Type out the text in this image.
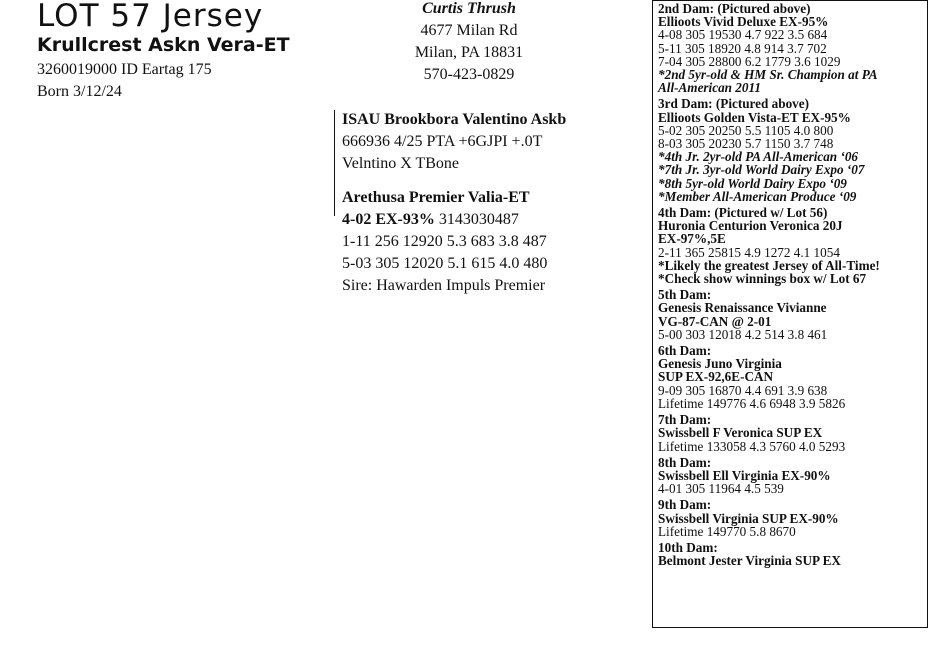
LOT 57 Jersey
Krullcrest Askn Vera-ET
3260019000 ID Eartag 175
Born 3/12/24
Curtis Thrush
4677 Milan Rd
Milan, PA 18831
570-423-0829
ISAU Brookbora Valentino Askb
666936 4/25 PTA +6GJPI +.0T
Velntino X TBone
Arethusa Premier Valia-ET
4-02 EX-93% 3143030487
1-11 256 12920 5.3 683 3.8 487
5-03 305 12020 5.1 615 4.0 480
Sire: Hawarden Impuls Premier
2nd Dam: (Pictured above)
Ellioots Vivid Deluxe EX-95%
4-08 305 19530 4.7 922 3.5 684
5-11 305 18920 4.8 914 3.7 702
7-04 305 28800 6.2 1779 3.6 1029
*2nd 5yr-old & HM Sr. Champion at PA
All-American 2011
3rd Dam: (Pictured above)
Ellioots Golden Vista-ET EX-95%
5-02 305 20250 5.5 1105 4.0 800
8-03 305 20230 5.7 1150 3.7 748
*4th Jr. 2yr-old PA All-American ‘06
*7th Jr. 3yr-old World Dairy Expo ‘07
*8th 5yr-old World Dairy Expo ‘09
*Member All-American Produce ‘09
4th Dam: (Pictured w/ Lot 56)
Huronia Centurion Veronica 20J
EX-97%,5E
2-11 365 25815 4.9 1272 4.1 1054
*Likely the greatest Jersey of All-Time!
*Check show winnings box w/ Lot 67
5th Dam:
Genesis Renaissance Vivianne
VG-87-CAN @ 2-01
5-00 303 12018 4.2 514 3.8 461
6th Dam:
Genesis Juno Virginia
SUP EX-92,6E-CAN
9-09 305 16870 4.4 691 3.9 638
Lifetime 149776 4.6 6948 3.9 5826
7th Dam:
Swissbell F Veronica SUP EX
Lifetime 133058 4.3 5760 4.0 5293
8th Dam:
Swissbell Ell Virginia EX-90%
4-01 305 11964 4.5 539
9th Dam:
Swissbell Virginia SUP EX-90%
Lifetime 149770 5.8 8670
10th Dam:
Belmont Jester Virginia SUP EX
